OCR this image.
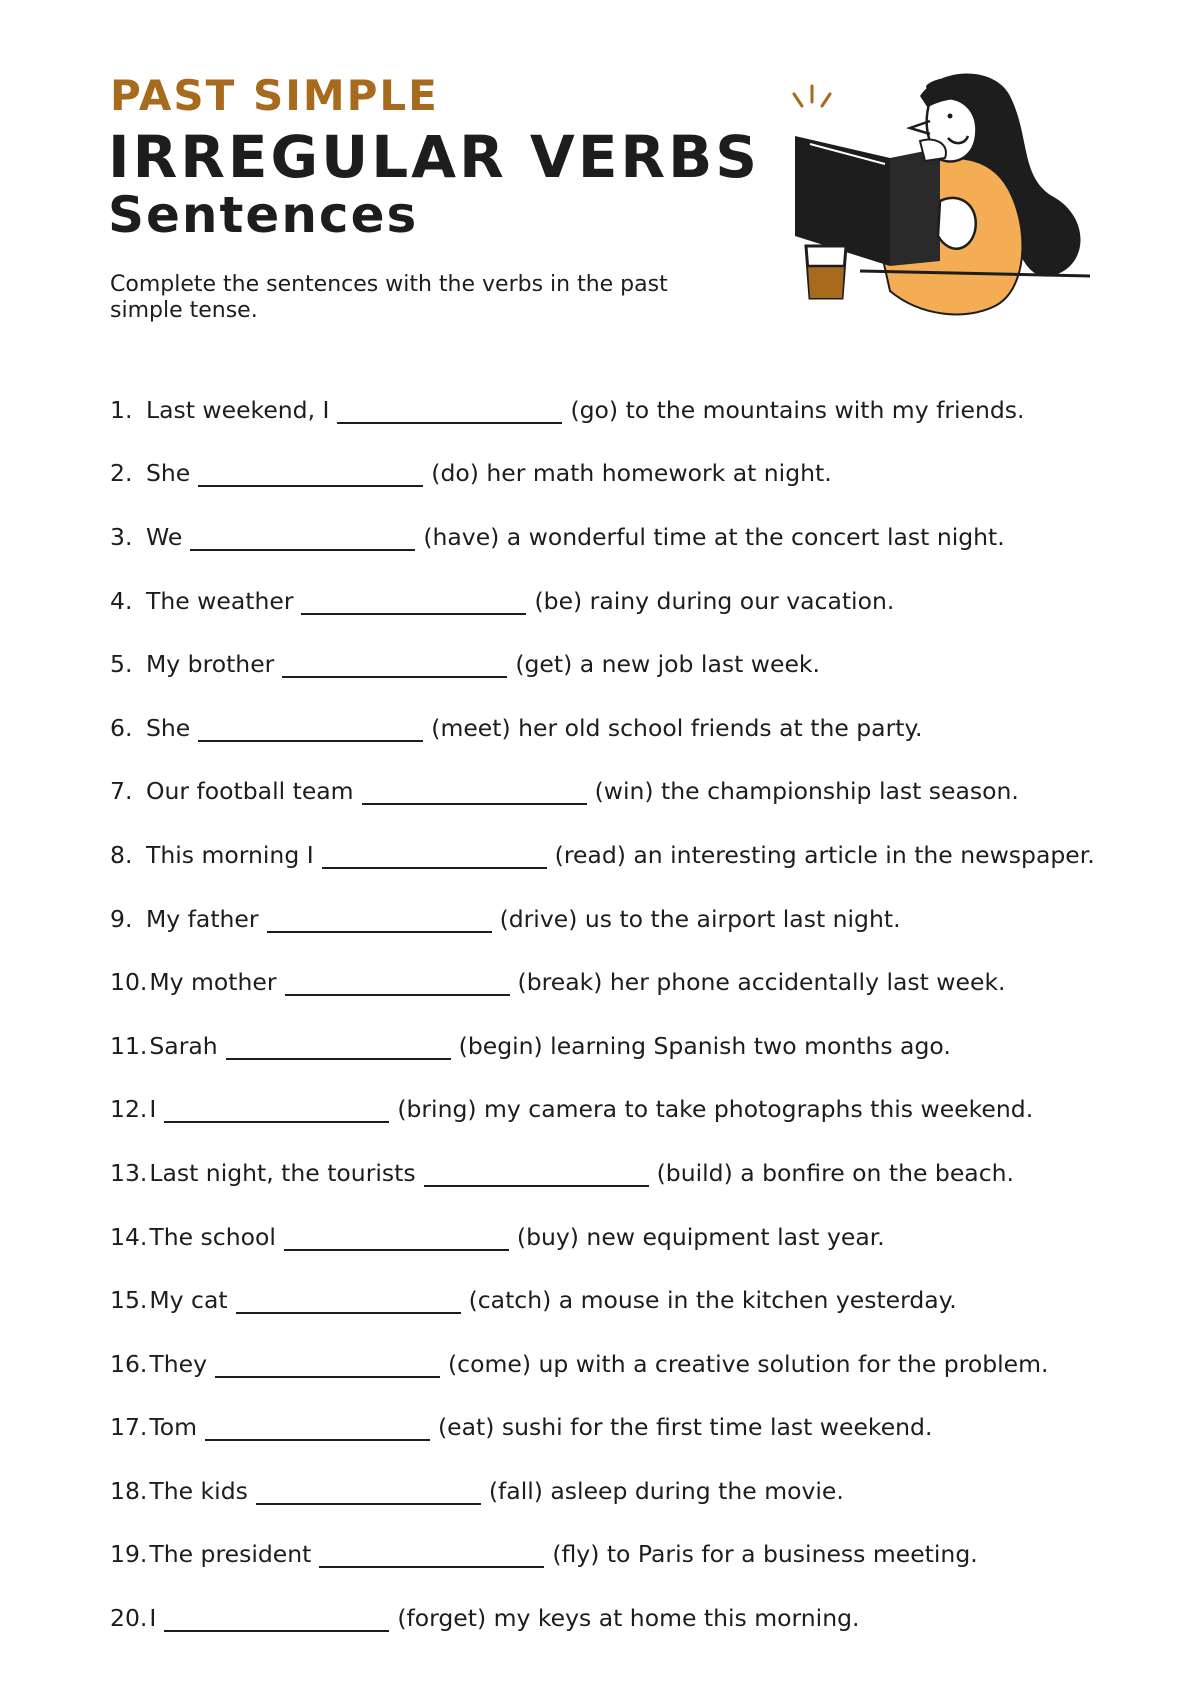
PAST SIMPLE
IRREGULAR VERBS
Sentences

Complete the sentences with the verbs in the past simple tense.

1. Last weekend, I	(go) to the mountains with my friends.
2. She	(do) her math homework at night.
3. We	(have) a wonderful time at the concert last night.
4. The weather	(be) rainy during our vacation.
5. My brother	(get) a new job last week.
6. She	(meet) her old school friends at the party.
7. Our football team	(win) the championship last season.
8. This morning I	(read) an interesting article in the newspaper.
9. My father	(drive) us to the airport last night.
10. My mother	(break) her phone accidentally last week.
11. Sarah	(begin) learning Spanish two months ago.
12. I	(bring) my camera to take photographs this weekend.
13. Last night, the tourists	(build) a bonfire on the beach.
14. The school	(buy) new equipment last year.
15. My cat	(catch) a mouse in the kitchen yesterday.
16. They	(come) up with a creative solution for the problem.
17. Tom	(eat) sushi for the first time last weekend.
18. The kids	(fall) asleep during the movie.
19. The president	(fly) to Paris for a business meeting.
20. I	(forget) my keys at home this morning.
